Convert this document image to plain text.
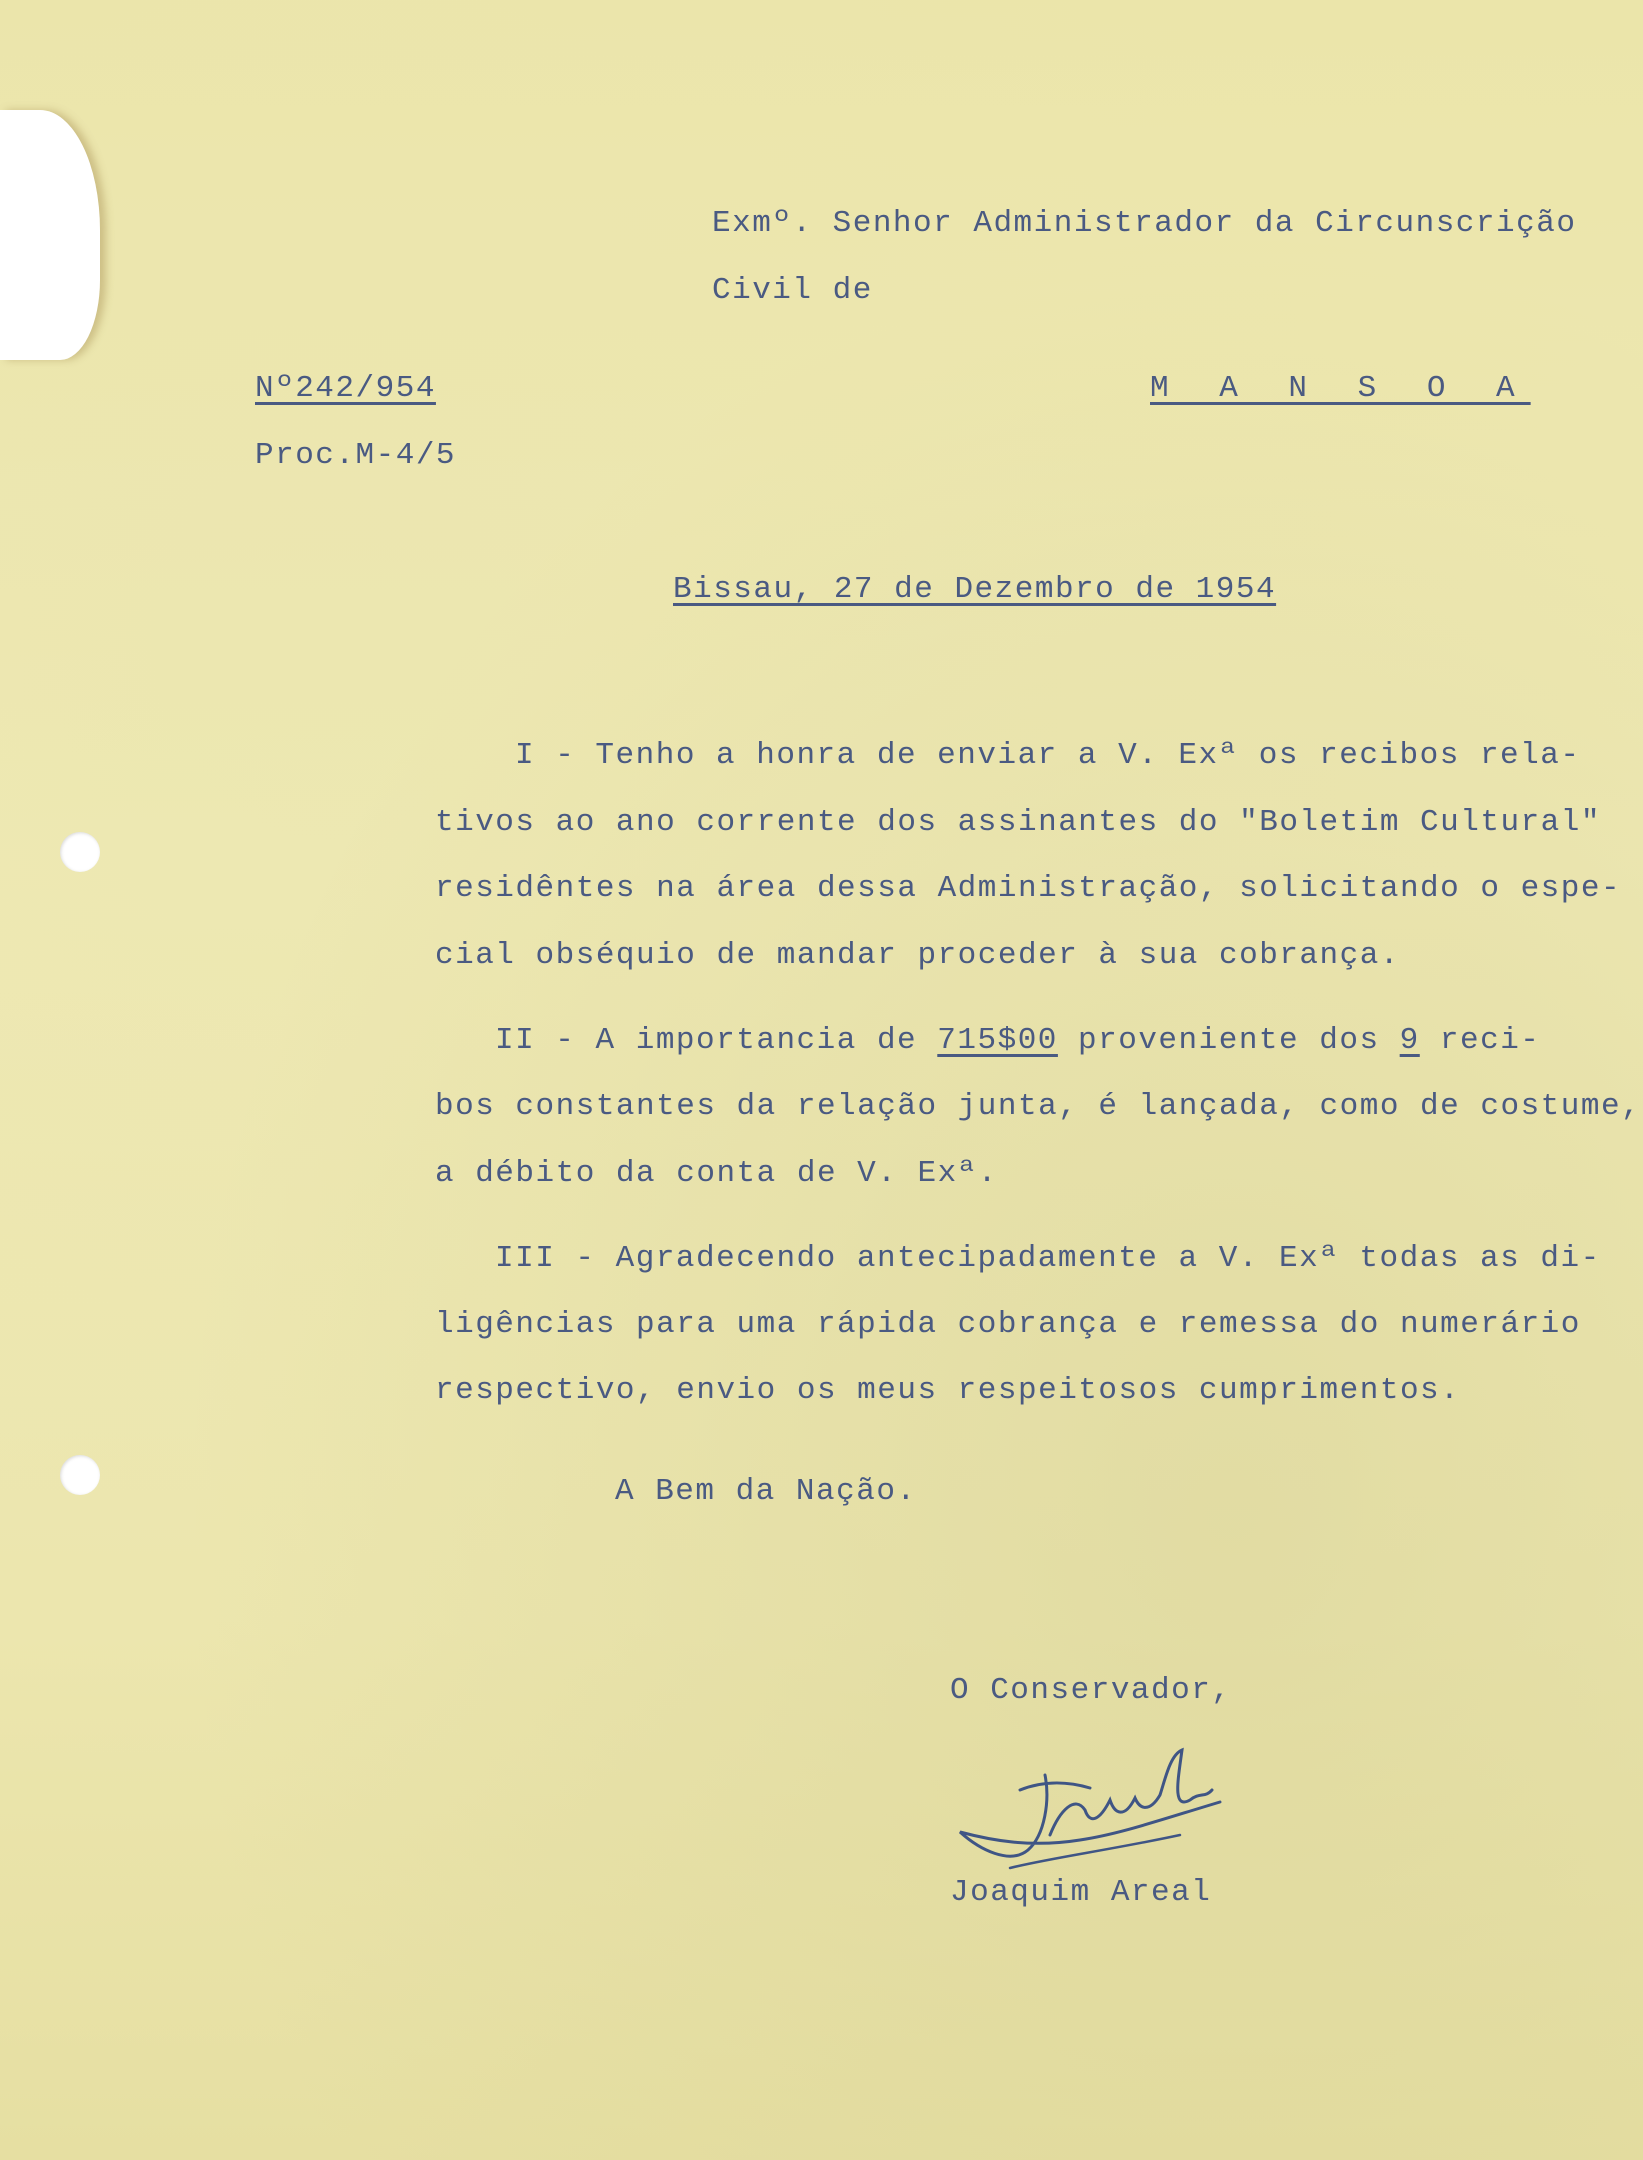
Exmº. Senhor Administrador da Circunscrição
Civil de
Nº242/954	M A N S O A
Proc.M-4/5
Bissau, 27 de Dezembro de 1954
I - Tenho a honra de enviar a V. Exª os recibos rela-
tivos ao ano corrente dos assinantes do "Boletim Cultural"
residêntes na área dessa Administração, solicitando o espe-
cial obséquio de mandar proceder à sua cobrança.
II - A importancia de 715$00 proveniente dos 9 reci-
bos constantes da relação junta, é lançada, como de costume,
a débito da conta de V. Exª.
III - Agradecendo antecipadamente a V. Exª todas as di-
ligências para uma rápida cobrança e remessa do numerário
respectivo, envio os meus respeitosos cumprimentos.
A Bem da Nação.
O Conservador,
Joaquim Areal
